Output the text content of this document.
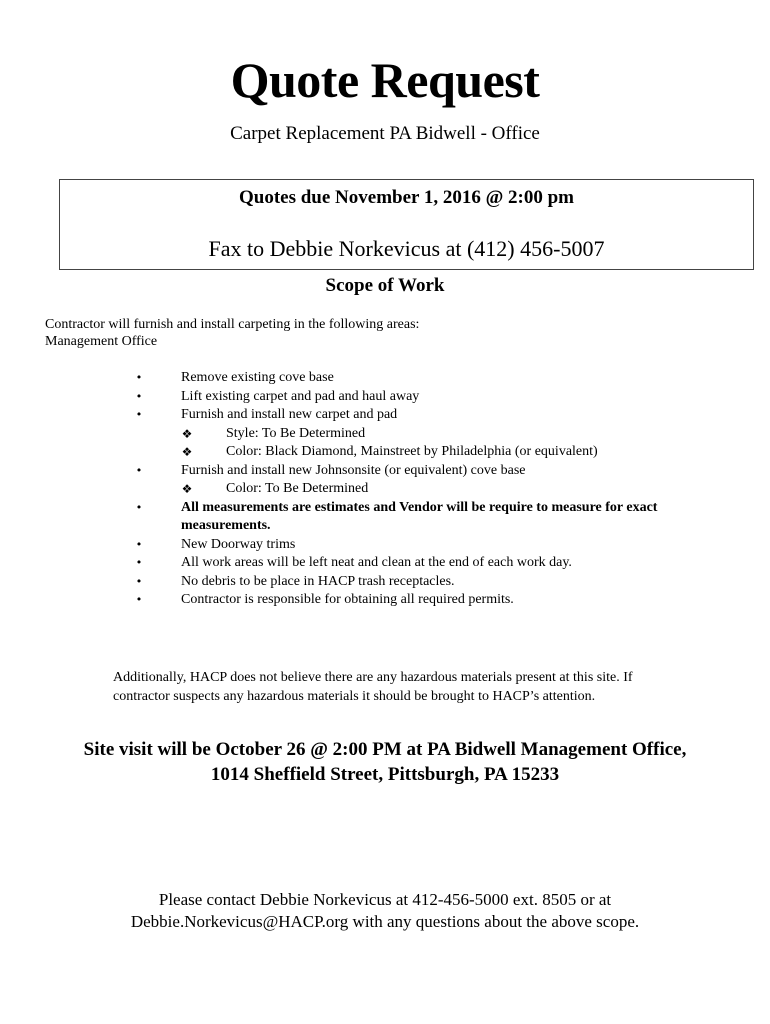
Quote Request
Carpet Replacement PA Bidwell - Office
Quotes due November 1, 2016 @ 2:00 pm
Fax to Debbie Norkevicus at (412) 456-5007
Scope of Work
Contractor will furnish and install carpeting in the following areas:
Management Office
•	Remove existing cove base
•	Lift existing carpet and pad and haul away
•	Furnish and install new carpet and pad
❖ Style: To Be Determined
❖ Color: Black Diamond, Mainstreet by Philadelphia (or equivalent)
•	Furnish and install new Johnsonsite (or equivalent) cove base
❖ Color: To Be Determined
•	All measurements are estimates and Vendor will be require to measure for exact
measurements.
•	New Doorway trims
•	All work areas will be left neat and clean at the end of each work day.
•	No debris to be place in HACP trash receptacles.
•	Contractor is responsible for obtaining all required permits.
Additionally, HACP does not believe there are any hazardous materials present at this site. If
contractor suspects any hazardous materials it should be brought to HACP’s attention.
Site visit will be October 26 @ 2:00 PM at PA Bidwell Management Office,
1014 Sheffield Street, Pittsburgh, PA 15233
Please contact Debbie Norkevicus at 412-456-5000 ext. 8505 or at
Debbie.Norkevicus@HACP.org with any questions about the above scope.
